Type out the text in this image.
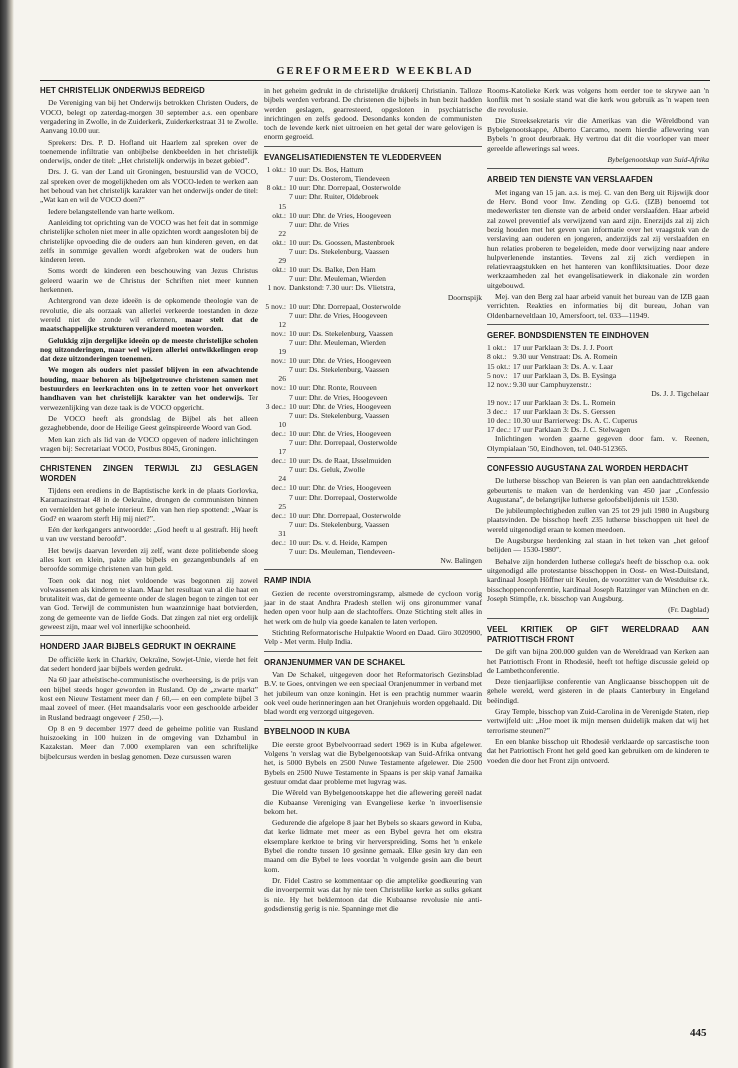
GEREFORMEERD WEEKBLAD
HET CHRISTELIJK ONDERWIJS BEDREIGD

De Vereniging van bij het Onderwijs betrokken Christen Ouders, de VOCO, belegt op zaterdag-morgen 30 september a.s. een openbare vergadering in Zwolle, in de Zuiderkerk, Zuiderkerkstraat 31 te Zwolle. Aanvang 10.00 uur.

Sprekers: Drs. P. D. Hofland uit Haarlem zal spreken over de toenemende infiltratie van onbijbelse denkbeelden in het christelijk onderwijs, onder de titel: „Het christelijk onderwijs in bezet gebied”.

Drs. J. G. van der Land uit Groningen, bestuurslid van de VOCO, zal spreken over de mogelijkheden om als VOCO-leden te werken aan het behoud van het christelijk karakter van het onderwijs onder de titel: „Wat kan en wil de VOCO doen?”

Iedere belangstellende van harte welkom.

Aanleiding tot oprichting van de VOCO was het feit dat in sommige christelijke scholen niet meer in alle opzichten wordt aangesloten bij de christelijke opvoeding die de ouders aan hun kinderen geven, en dat zelfs in sommige gevallen wordt afgebroken wat de ouders hun kinderen leren.

Soms wordt de kinderen een beschouwing van Jezus Christus geleerd waarin we de Christus der Schriften niet meer kunnen herkennen.

Achtergrond van deze ideeën is de opkomende theologie van de revolutie, die als oorzaak van allerlei verkeerde toestanden in deze wereld niet de zonde wil erkennen, maar stelt dat de maatschappelijke strukturen veranderd moeten worden.

Gelukkig zijn dergelijke ideeën op de meeste christelijke scholen nog uitzonderingen, maar wel wijzen allerlei ontwikkelingen erop dat deze uitzonderingen toenemen.

We mogen als ouders niet passief blijven in een afwachtende houding, maar behoren als bijbelgetrouwe christenen samen met bestuurders en leerkrachten ons in te zetten voor het onverkort handhaven van het christelijk karakter van het onderwijs. Ter verwezenlijking van deze taak is de VOCO opgericht.

De VOCO heeft als grondslag de Bijbel als het alleen gezaghebbende, door de Heilige Geest geïnspireerde Woord van God.

Men kan zich als lid van de VOCO opgeven of nadere inlichtingen vragen bij: Secretariaat VOCO, Postbus 8045, Groningen.

CHRISTENEN ZINGEN TERWIJL ZIJ GESLAGEN WORDEN

Tijdens een erediens in de Baptistische kerk in de plaats Gorlovka, Karamazinstraat 48 in de Oekraïne, drongen de communisten binnen en vernielden het gehele interieur. Eén van hen riep spottend: „Waar is God? en waarom sterft Hij mij niet?”.

Eén der kerkgangers antwoordde: „God heeft u al gestraft. Hij heeft u van uw verstand beroofd”.

Het bewijs daarvan leverden zij zelf, want deze politiebende sloeg alles kort en klein, pakte alle bijbels en gezangenbundels af en beroofde sommige christenen van hun geld.

Toen ook dat nog niet voldoende was begonnen zij zowel volwassenen als kinderen te slaan. Maar het resultaat van al die haat en brutaliteit was, dat de gemeente onder de slagen begon te zingen tot eer van God. Terwijl de communisten hun waanzinnige haat botvierden, zong de gemeente van de liefde Gods. Dat zingen zal niet erg ordelijk geweest zijn, maar wel vol innerlijke schoonheid.

HONDERD JAAR BIJBELS GEDRUKT IN OEKRAINE

De officiële kerk in Charkiv, Oekraïne, Sowjet-Unie, vierde het feit dat sedert honderd jaar bijbels werden gedrukt.

Na 60 jaar atheïstische-communistische overheersing, is de prijs van een bijbel steeds hoger geworden in Rusland. Op de „zwarte markt” kost een Nieuw Testament meer dan ƒ 60,— en een complete bijbel 3 maal zoveel of meer. (Het maandsalaris voor een geschoolde arbeider in Rusland bedraagt ongeveer ƒ 250,—).

Op 8 en 9 december 1977 deed de geheime politie van Rusland huiszoeking in 100 huizen in de omgeving van Dzhambul in Kazakstan. Meer dan 7.000 exemplaren van een schriftelijke bijbelcursus werden in beslag genomen. Deze cursussen waren

in het geheim gedrukt in de christelijke drukkerij Christianin. Talloze bijbels werden verbrand. De christenen die bijbels in hun bezit hadden werden geslagen, gearresteerd, opgesloten in psychiatrische inrichtingen en zelfs gedood. Desondanks konden de communisten toch de levende kerk niet uitroeien en het getal der ware gelovigen is enorm gegroeid.

EVANGELISATIEDIENSTEN TE VLEDDERVEEN
1 okt.: 10 uur: Ds. Bos, Hattum
7 uur: Ds. Oosterom, Tiendeveen
8 okt.: 10 uur: Dhr. Dorrepaal, Oosterwolde
7 uur: Dhr. Ruiter, Oldebroek
15 okt.: 10 uur: Dhr. de Vries, Hoogeveen
7 uur: Dhr. de Vries
22 okt.: 10 uur: Ds. Goossen, Mastenbroek
7 uur: Ds. Stekelenburg, Vaassen
29 okt.: 10 uur: Ds. Balke, Den Ham
7 uur: Dhr. Meuleman, Wierden
1 nov. Dankstond: 7.30 uur: Ds. Vlietstra,
Doornspijk
5 nov.: 10 uur: Dhr. Dorrepaal, Oosterwolde
7 uur: Dhr. de Vries, Hoogeveen
12 nov.: 10 uur: Ds. Stekelenburg, Vaassen
7 uur: Dhr. Meuleman, Wierden
19 nov.: 10 uur: Dhr. de Vries, Hoogeveen
7 uur: Ds. Stekelenburg, Vaassen
26 nov.: 10 uur: Dhr. Ronte, Rouveen
7 uur: Dhr. de Vries, Hoogeveen
3 dec.: 10 uur: Dhr. de Vries, Hoogeveen
7 uur: Ds. Stekelenburg, Vaassen
10 dec.: 10 uur: Dhr. de Vries, Hoogeveen
7 uur: Dhr. Dorrepaal, Oosterwolde
17 dec.: 10 uur: Ds. de Raat, IJsselmuiden
7 uur: Ds. Geluk, Zwolle
24 dec.: 10 uur: Dhr. de Vries, Hoogeveen
7 uur: Dhr. Dorrepaal, Oosterwolde
25 dec.: 10 uur: Dhr. Dorrepaal, Oosterwolde
7 uur: Ds. Stekelenburg, Vaassen
31 dec.: 10 uur: Ds. v. d. Heide, Kampen
7 uur: Ds. Meuleman, Tiendeveen-
Nw. Balingen
RAMP INDIA

Gezien de recente overstromingsramp, alsmede de cycloon vorig jaar in de staat Andhra Pradesh stellen wij ons gironummer vanaf heden open voor hulp aan de slachtoffers. Onze Stichting stelt alles in het werk om de hulp via goede kanalen te laten verlopen.

Stichting Reformatorische Hulpaktie Woord en Daad. Giro 3020900, Velp - Met verm. Hulp India.

ORANJENUMMER VAN DE SCHAKEL

Van De Schakel, uitgegeven door het Reformatorisch Gezinsblad B.V. te Goes, ontvingen we een speciaal Oranjenummer in verband met het jubileum van onze koningin. Het is een prachtig nummer waarin ook veel oude herinneringen aan het Oranjehuis worden opgehaald. Dit blad wordt erg verzorgd uitgegeven.

BYBELNOOD IN KUBA

Die eerste groot Bybelvoorraad sedert 1969 is in Kuba afgelewer. Volgens 'n verslag wat die Bybelgenootskap van Suid-Afrika ontvang het, is 5000 Bybels en 2500 Nuwe Testamente afgelewer. Die 2500 Bybels en 2500 Nuwe Testamente in Spaans is per skip vanaf Jamaika gestuur omdat daar probleme met lugvrag was.

Die Wêreld van Bybelgenootskappe het die aflewering gereël nadat die Kubaanse Vereniging van Evangeliese kerke 'n invoerlisensie bekom het.

Gedurende die afgelope 8 jaar het Bybels so skaars geword in Kuba, dat kerke lidmate met meer as een Bybel gevra het om ekstra eksemplare kerktoe te bring vir herverspreiding. Soms het 'n enkele Bybel die rondte tussen 10 gesinne gemaak. Elke gesin kry dan een maand om die Bybel te lees voordat 'n volgende gesin aan die beurt kom.

Dr. Fidel Castro se kommentaar op die amptelike goedkeuring van die invoerpermit was dat hy nie teen Christelike kerke as sulks gekant is nie. Hy het beklemtoon dat die Kubaanse revolusie nie anti-godsdienstig gerig is nie. Spanninge met die

Rooms-Katolieke Kerk was volgens hom eerder toe te skrywe aan 'n konflik met 'n sosiale stand wat die kerk wou gebruik as 'n wapen teen die revolusie.

Die Streeksekretaris vir die Amerikas van die Wêreldbond van Bybelgenootskappe, Alberto Carcamo, noem hierdie aflewering van Bybels 'n groot deurbraak. Hy vertrou dat dit die voorloper van meer gereelde aflewerings sal wees.

Bybelgenootskap van Suid-Afrika

ARBEID TEN DIENSTE VAN VERSLAAFDEN

Met ingang van 15 jan. a.s. is mej. C. van den Berg uit Rijswijk door de Herv. Bond voor Inw. Zending op G.G. (IZB) benoemd tot medewerkster ten dienste van de arbeid onder verslaafden. Haar arbeid zal zowel preventief als verwijzend van aard zijn. Enerzijds zal zij zich bezig houden met het geven van informatie over het vraagstuk van de verslaving aan ouderen en jongeren, anderzijds zal zij verslaafden en hun relaties proberen te begeleiden, mede door verwijzing naar andere hulpverlenende instanties. Tevens zal zij zich verdiepen in relatievraagstukken en het hanteren van konfliktsituaties. Door deze werkzaamheden zal het evangelisatiewerk in diakonale zin worden uitgebouwd.

Mej. van den Berg zal haar arbeid vanuit het bureau van de IZB gaan verrichten. Reakties en informaties bij dit bureau, Johan van Oldenbarneveltlaan 10, Amersfoort, tel. 033—11949.

GEREF. BONDSDIENSTEN TE EINDHOVEN
1 okt.: 17 uur Parklaan 3: Ds. J. J. Poort
8 okt.: 9.30 uur Venstraat: Ds. A. Romein
15 okt.: 17 uur Parklaan 3: Ds. A. v. Laar
5 nov.: 17 uur Parklaan 3, Ds. B. Eysinga
12 nov.: 9.30 uur Camphuyzenstr.:
Ds. J. J. Tigchelaar
19 nov.: 17 uur Parklaan 3: Ds. L. Romein
3 dec.: 17 uur Parklaan 3: Ds. S. Gerssen
10 dec.: 10.30 uur Barrierweg: Ds. A. C. Cuperus
17 dec.: 17 uur Parklaan 3: Ds. J. C. Stelwagen

Inlichtingen worden gaarne gegeven door fam. v. Reenen, Olympialaan '50, Eindhoven, tel. 040-512365.

CONFESSIO AUGUSTANA ZAL WORDEN HERDACHT

De lutherse bisschop van Beieren is van plan een aandachttrekkende gebeurtenis te maken van de herdenking van 450 jaar „Confessio Augustana”, de belangrijke lutherse geloofsbelijdenis uit 1530.

De jubileumplechtigheden zullen van 25 tot 29 juli 1980 in Augsburg plaatsvinden. De bisschop heeft 235 lutherse bisschoppen uit heel de wereld uitgenodigd eraan te komen meedoen.

De Augsburgse herdenking zal staan in het teken van „het geloof belijden — 1530-1980”.

Behalve zijn honderden lutherse collega's heeft de bisschop o.a. ook uitgenodigd alle protestantse bisschoppen in Oost- en West-Duitsland, kardinaal Joseph Höffner uit Keulen, de voorzitter van de Westduitse r.k. bisschoppenconferentie, kardinaal Joseph Ratzinger van München en dr. Joseph Stimpfle, r.k. bisschop van Augsburg.

(Fr. Dagblad)

VEEL KRITIEK OP GIFT WERELDRAAD AAN PATRIOTTISCH FRONT

De gift van bijna 200.000 gulden van de Wereldraad van Kerken aan het Patriottisch Front in Rhodesië, heeft tot heftige discussie geleid op de Lambethconferentie.

Deze tienjaarlijkse conferentie van Anglicaanse bisschoppen uit de gehele wereld, werd gisteren in de plaats Canterbury in Engeland beëindigd.

Gray Temple, bisschop van Zuid-Carolina in de Verenigde Staten, riep vertwijfeld uit: „Hoe moet ik mijn mensen duidelijk maken dat wij het terrorisme steunen?”

En een blanke bisschop uit Rhodesië verklaarde op sarcastische toon dat het Patriottisch Front het geld goed kan gebruiken om de kinderen te voeden die door het Front zijn ontvoerd.

445
